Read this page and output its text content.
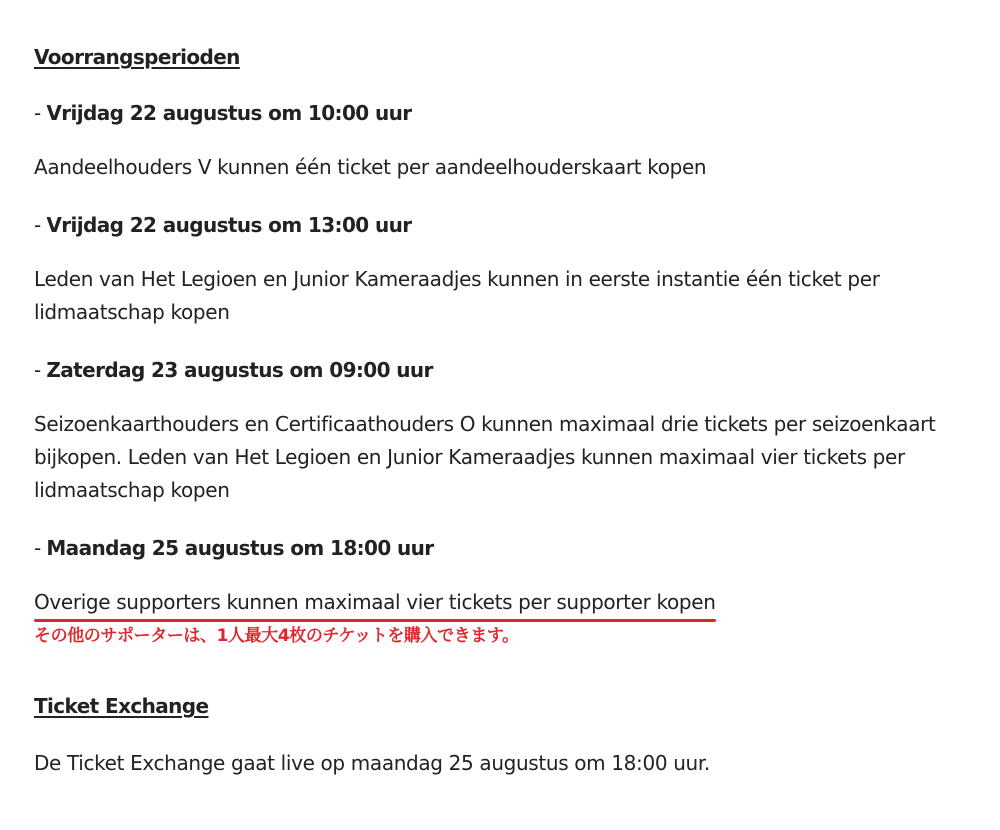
Voorrangsperioden
- Vrijdag 22 augustus om 10:00 uur
Aandeelhouders V kunnen één ticket per aandeelhouderskaart kopen
- Vrijdag 22 augustus om 13:00 uur
Leden van Het Legioen en Junior Kameraadjes kunnen in eerste instantie één ticket per lidmaatschap kopen
- Zaterdag 23 augustus om 09:00 uur
Seizoenkaarthouders en Certificaathouders O kunnen maximaal drie tickets per seizoenkaart bijkopen. Leden van Het Legioen en Junior Kameraadjes kunnen maximaal vier tickets per lidmaatschap kopen
- Maandag 25 augustus om 18:00 uur
Overige supporters kunnen maximaal vier tickets per supporter kopen
その他のサポーターは、1人最大4枚のチケットを購入できます。
Ticket Exchange
De Ticket Exchange gaat live op maandag 25 augustus om 18:00 uur.
